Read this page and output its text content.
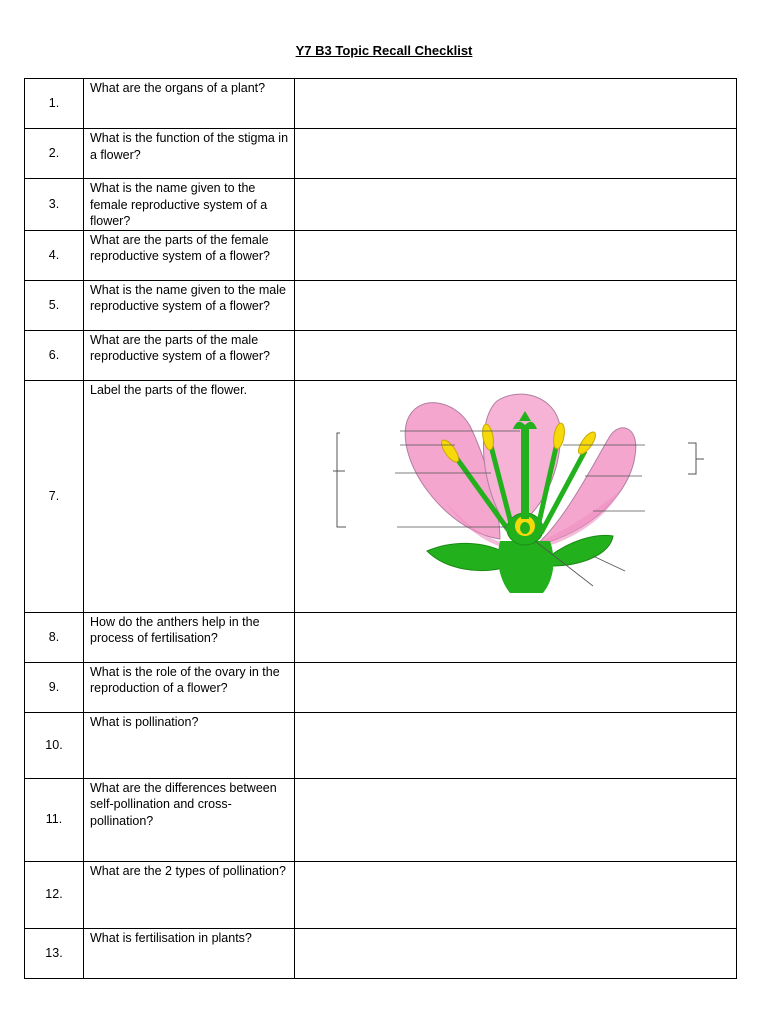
Y7 B3 Topic Recall Checklist
1.	What are the organs of a plant?	
2.	What is the function of the stigma in a flower?	
3.	What is the name given to the female reproductive system of a flower?	
4.	What are the parts of the female reproductive system of a flower?	
5.	What is the name given to the male reproductive system of a flower?	
6.	What are the parts of the male reproductive system of a flower?	
7.	Label the parts of the flower.	

8.	How do the anthers help in the process of fertilisation?	
9.	What is the role of the ovary in the reproduction of a flower?	
10.	What is pollination?	
11.	What are the differences between self-pollination and cross-pollination?	
12.	What are the 2 types of pollination?	
13.	What is fertilisation in plants?	
